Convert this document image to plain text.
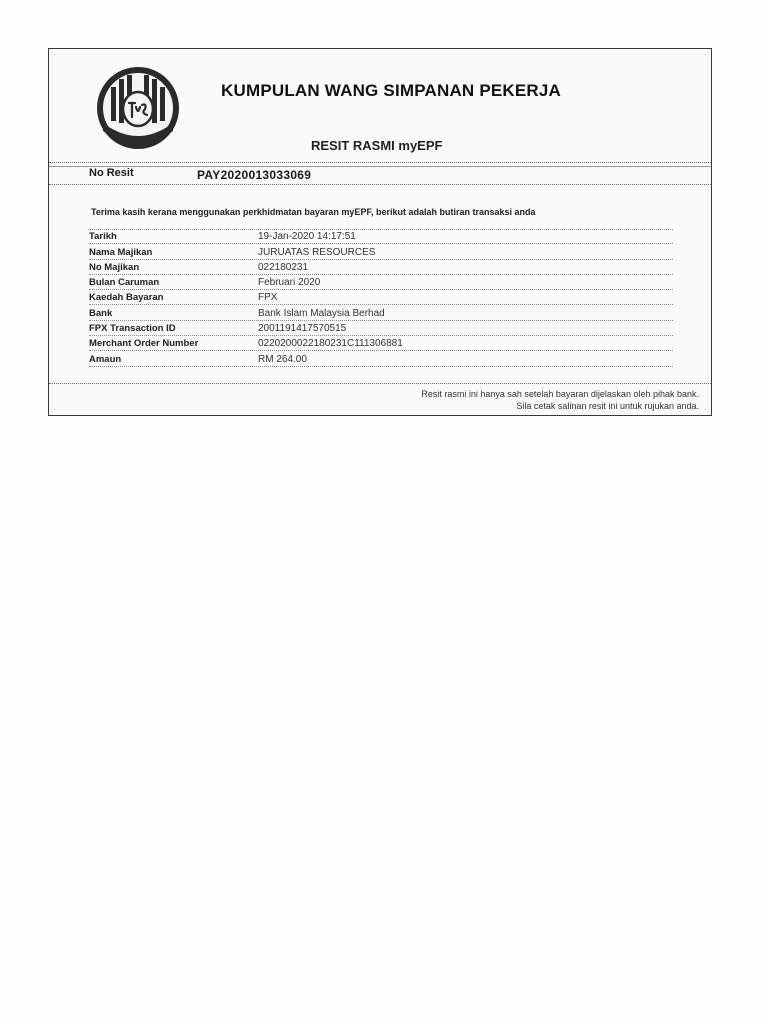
KUMPULAN WANG SIMPANAN PEKERJA
RESIT RASMI myEPF
No Resit	PAY2020013033069
Terima kasih kerana menggunakan perkhidmatan bayaran myEPF, berikut adalah butiran transaksi anda
Tarikh	19-Jan-2020 14:17:51
Nama Majikan	JURUATAS RESOURCES
No Majikan	022180231
Bulan Caruman	Februari 2020
Kaedah Bayaran	FPX
Bank	Bank Islam Malaysia Berhad
FPX Transaction ID	2001191417570515
Merchant Order Number	0220200022180231C111306881
Amaun	RM 264.00
Resit rasmi ini hanya sah setelah bayaran dijelaskan oleh pihak bank.
Sila cetak salinan resit ini untuk rujukan anda.
